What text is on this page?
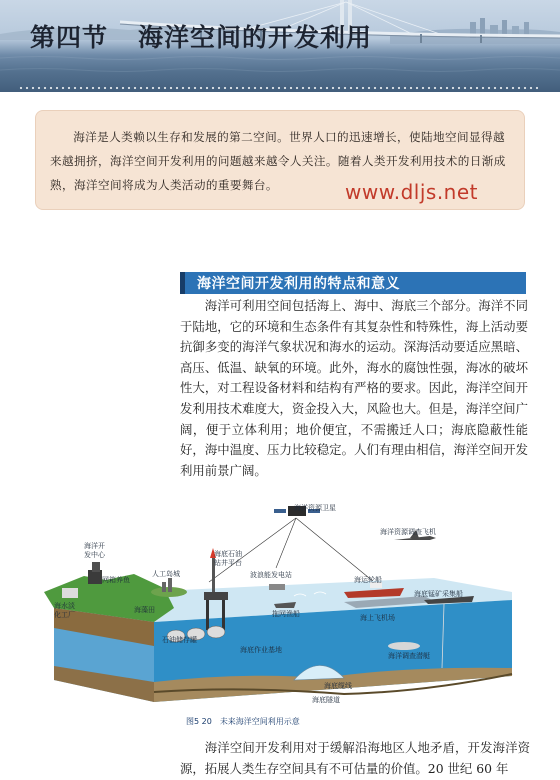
第四节 海洋空间的开发利用
海洋是人类赖以生存和发展的第二空间。世界人口的迅速增长，使陆地空间显得越来越拥挤，海洋空间开发利用的问题越来越令人关注。随着人类开发利用技术的日渐成熟，海洋空间将成为人类活动的重要舞台。	www.dljs.net
海洋空间开发利用的特点和意义
海洋可利用空间包括海上、海中、海底三个部分。海洋不同于陆地，它的环境和生态条件有其复杂性和特殊性，海上活动要抗御多变的海洋气象状况和海水的运动。深海活动要适应黑暗、高压、低温、缺氧的环境。此外，海水的腐蚀性强，海冰的破坏性大，对工程设备材料和结构有严格的要求。因此，海洋空间开发利用技术难度大，资金投入大，风险也大。但是，海洋空间广阔，便于立体利用；地价便宜，不需搬迁人口；海底隐蔽性能好，海中温度、压力比较稳定。人们有理由相信，海洋空间开发利用前景广阔。
海洋资源卫星
海洋资源调查飞机
海洋开
发中心	海底石油
钻井平台
波浪能发电站
网箱养鱼
人工岛城
海藻田
海水淡
化工厂
石油储存罐
拖网渔船
海运轮船
海上飞机场
海底锰矿采集船
海底作业基地
海洋调查潜艇
海底缆线
海底隧道
图5 20 未来海洋空间利用示意
海洋空间开发利用对于缓解沿海地区人地矛盾，开发海洋资源，拓展人类生存空间具有不可估量的价值。20 世纪 60 年
